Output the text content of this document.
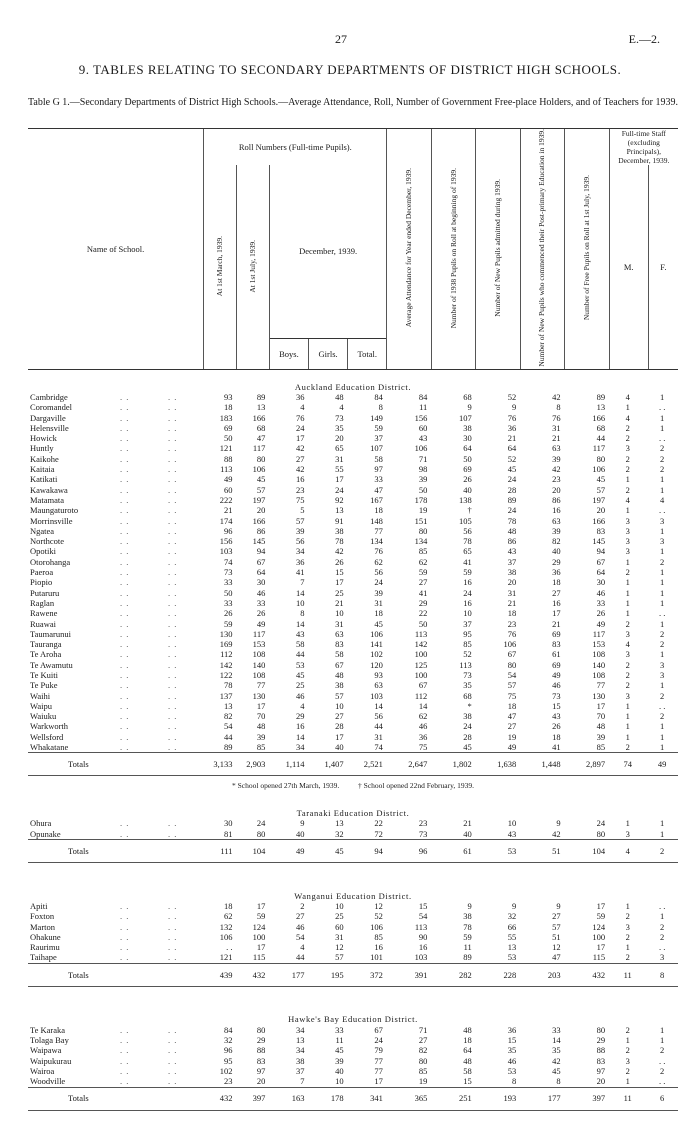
27	E.—2.
9. TABLES RELATING TO SECONDARY DEPARTMENTS OF DISTRICT HIGH SCHOOLS.
Table G 1.—Secondary Departments of District High Schools.—Average Attendance, Roll, Number of Government Free-place Holders, and of Teachers for 1939.
Name of School.	Roll Numbers (Full-time Pupils).					Average Attendance for Year ended December, 1939.	Number of 1938 Pupils on Roll at beginning of 1939.	Number of New Pupils admitted during 1939.	Number of New Pupils who commenced their Post-primary Education in 1939.	Number of Free Pupils on Roll at 1st July, 1939.	Full-time Staff (excluding Principals), December, 1939.	
	At 1st March, 1939.	At 1st July, 1939.	December, 1939.								M.	F.
			Boys.	Girls.	Total.							
Auckland Education District.												
Cambridge . . . .	93	89	36	48	84	84	68	52	42	89	4	1
Coromandel . . . .	18	13	4	4	8	11	9	9	8	13	1	. .
Dargaville . . . .	183	166	76	73	149	156	107	76	76	166	4	1
Helensville . . . .	69	68	24	35	59	60	38	36	31	68	2	1
Howick . . . .	50	47	17	20	37	43	30	21	21	44	2	. .
Huntly . . . .	121	117	42	65	107	106	64	64	63	117	3	2
Kaikohe . . . .	88	80	27	31	58	71	50	52	39	80	2	2
Kaitaia . . . .	113	106	42	55	97	98	69	45	42	106	2	2
Katikati . . . .	49	45	16	17	33	39	26	24	23	45	1	1
Kawakawa . . . .	60	57	23	24	47	50	40	28	20	57	2	1
Matamata . . . .	222	197	75	92	167	178	138	89	86	197	4	4
Maungaturoto . . . .	21	20	5	13	18	19	†	24	16	20	1	. .
Morrinsville . . . .	174	166	57	91	148	151	105	78	63	166	3	3
Ngatea . . . .	96	86	39	38	77	80	56	48	39	83	3	1
Northcote . . . .	156	145	56	78	134	134	78	86	82	145	3	3
Opotiki . . . .	103	94	34	42	76	85	65	43	40	94	3	1
Otorohanga . . . .	74	67	36	26	62	62	41	37	29	67	1	2
Paeroa . . . .	73	64	41	15	56	59	59	38	36	64	2	1
Piopio . . . .	33	30	7	17	24	27	16	20	18	30	1	1
Putaruru . . . .	50	46	14	25	39	41	24	31	27	46	1	1
Raglan . . . .	33	33	10	21	31	29	16	21	16	33	1	1
Rawene . . . .	26	26	8	10	18	22	10	18	17	26	1	. .
Ruawai . . . .	59	49	14	31	45	50	37	23	21	49	2	1
Taumarunui . . . .	130	117	43	63	106	113	95	76	69	117	3	2
Tauranga . . . .	169	153	58	83	141	142	85	106	83	153	4	2
Te Aroha . . . .	112	108	44	58	102	100	52	67	61	108	3	1
Te Awamutu . . . .	142	140	53	67	120	125	113	80	69	140	2	3
Te Kuiti . . . .	122	108	45	48	93	100	73	54	49	108	2	3
Te Puke . . . .	78	77	25	38	63	67	35	57	46	77	2	1
Waihi . . . .	137	130	46	57	103	112	68	75	73	130	3	2
Waipu . . . .	13	17	4	10	14	14	*	18	15	17	1	. .
Waiuku . . . .	82	70	29	27	56	62	38	47	43	70	1	2
Warkworth . . . .	54	48	16	28	44	46	24	27	26	48	1	1
Wellsford . . . .	44	39	14	17	31	36	28	19	18	39	1	1
Whakatane . . . .	89	85	34	40	74	75	45	49	41	85	2	1
Totals	3,133	2,903	1,114	1,407	2,521	2,647	1,802	1,638	1,448	2,897	74	49
* School opened 27th March, 1939.          † School opened 22nd February, 1939.												
Taranaki Education District.												
Ohura . . . .	30	24	9	13	22	23	21	10	9	24	1	1
Opunake . . . .	81	80	40	32	72	73	40	43	42	80	3	1
Totals	111	104	49	45	94	96	61	53	51	104	4	2

Wanganui Education District.												
Apiti . . . .	18	17	2	10	12	15	9	9	9	17	1	. .
Foxton . . . .	62	59	27	25	52	54	38	32	27	59	2	1
Marton . . . .	132	124	46	60	106	113	78	66	57	124	3	2
Ohakune . . . .	106	100	54	31	85	90	59	55	51	100	2	2
Raurimu . . . .	. .	17	4	12	16	16	11	13	12	17	1	. .
Taihape . . . .	121	115	44	57	101	103	89	53	47	115	2	3
Totals	439	432	177	195	372	391	282	228	203	432	11	8

Hawke's Bay Education District.												
Te Karaka . . . .	84	80	34	33	67	71	48	36	33	80	2	1
Tolaga Bay . . . .	32	29	13	11	24	27	18	15	14	29	1	1
Waipawa . . . .	96	88	34	45	79	82	64	35	35	88	2	2
Waipukurau . . . .	95	83	38	39	77	80	48	46	42	83	3	. .
Wairoa . . . .	102	97	37	40	77	85	58	53	45	97	2	2
Woodville . . . .	23	20	7	10	17	19	15	8	8	20	1	. .
Totals	432	397	163	178	341	365	251	193	177	397	11	6
